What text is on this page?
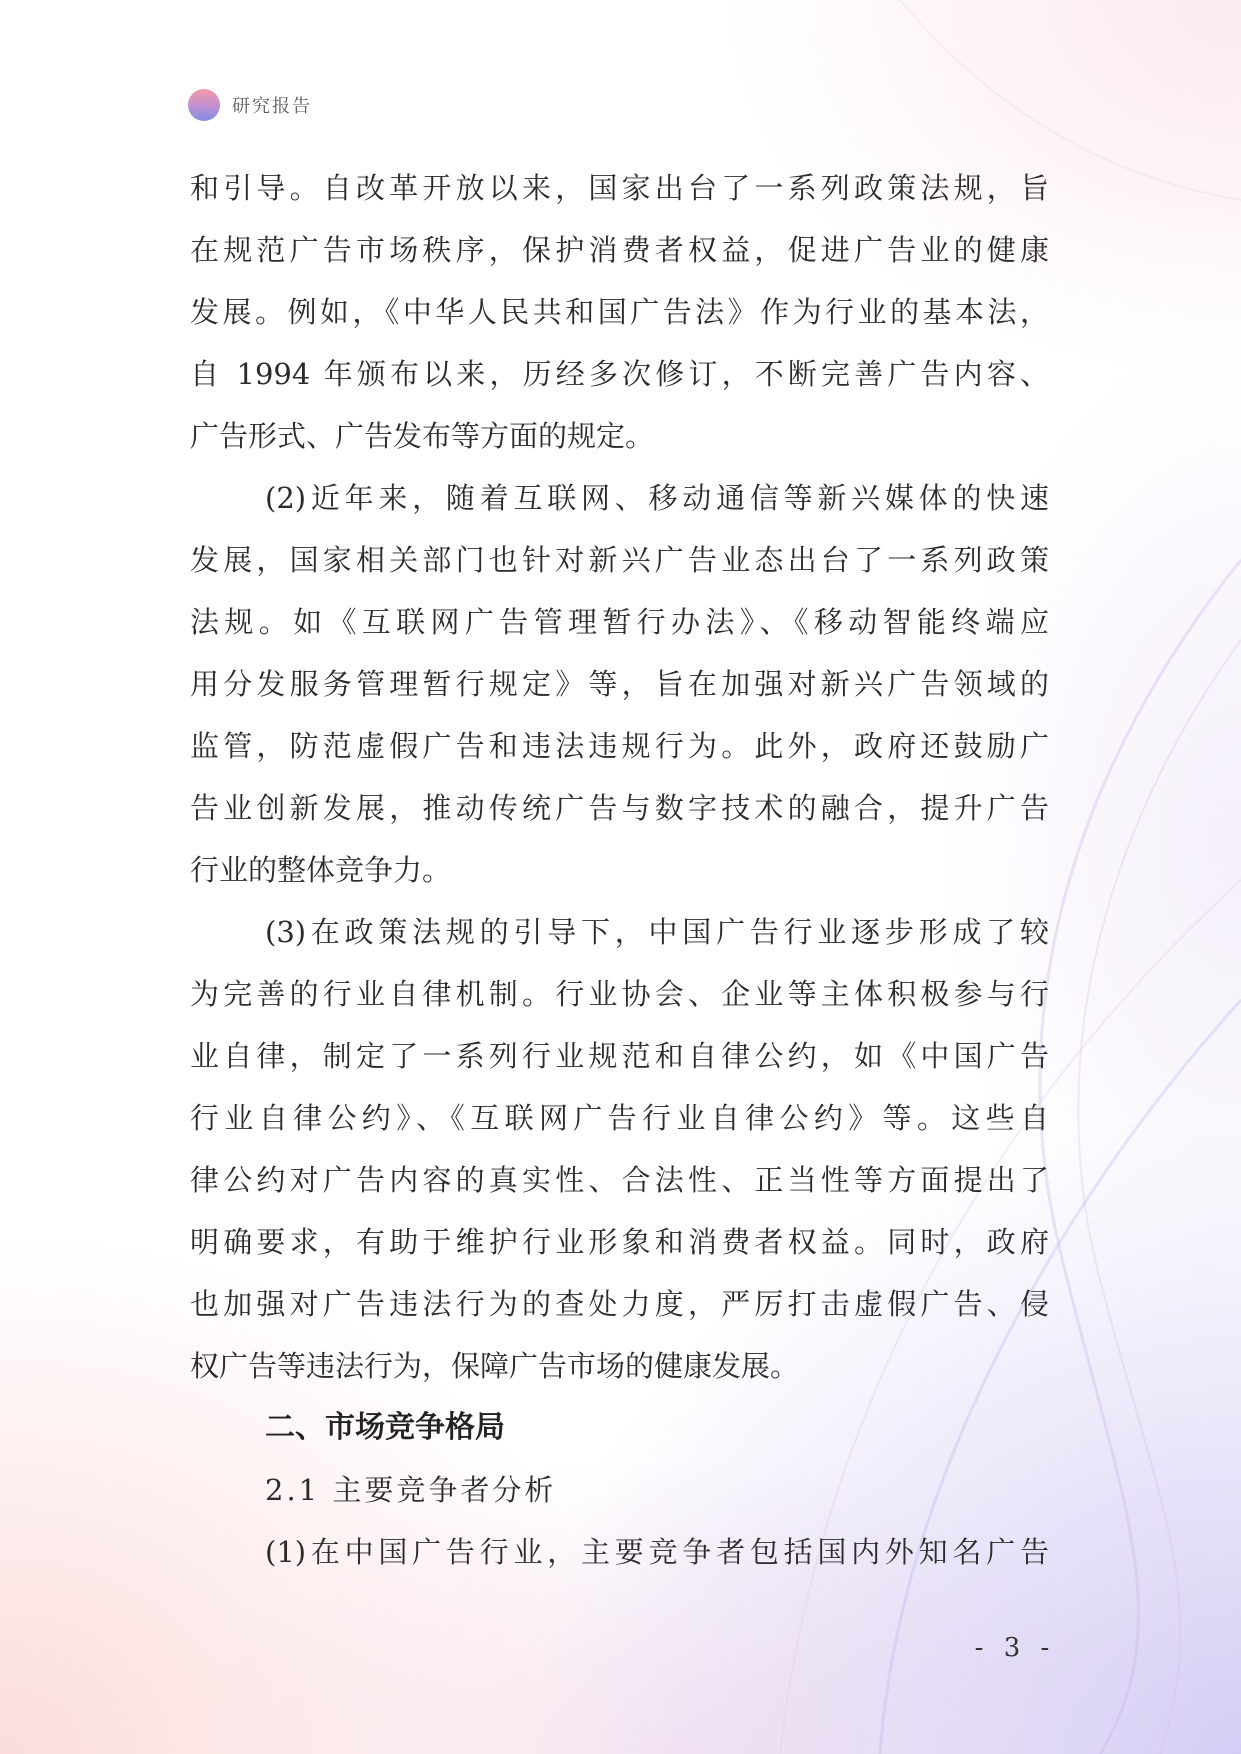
研究报告
和引导。自改革开放以来，国家出台了一系列政策法规，旨
在规范广告市场秩序，保护消费者权益，促进广告业的健康
发展。例如，《中华人民共和国广告法》作为行业的基本法，
自 1994 年颁布以来，历经多次修订，不断完善广告内容、
广告形式、广告发布等方面的规定。
(2)近年来，随着互联网、移动通信等新兴媒体的快速
发展，国家相关部门也针对新兴广告业态出台了一系列政策
法规。如《互联网广告管理暂行办法》、《移动智能终端应
用分发服务管理暂行规定》等，旨在加强对新兴广告领域的
监管，防范虚假广告和违法违规行为。此外，政府还鼓励广
告业创新发展，推动传统广告与数字技术的融合，提升广告
行业的整体竞争力。
(3)在政策法规的引导下，中国广告行业逐步形成了较
为完善的行业自律机制。行业协会、企业等主体积极参与行
业自律，制定了一系列行业规范和自律公约，如《中国广告
行业自律公约》、《互联网广告行业自律公约》等。这些自
律公约对广告内容的真实性、合法性、正当性等方面提出了
明确要求，有助于维护行业形象和消费者权益。同时，政府
也加强对广告违法行为的查处力度，严厉打击虚假广告、侵
权广告等违法行为，保障广告市场的健康发展。
二、市场竞争格局
2.1 主要竞争者分析
(1)在中国广告行业，主要竞争者包括国内外知名广告
- 3 -
